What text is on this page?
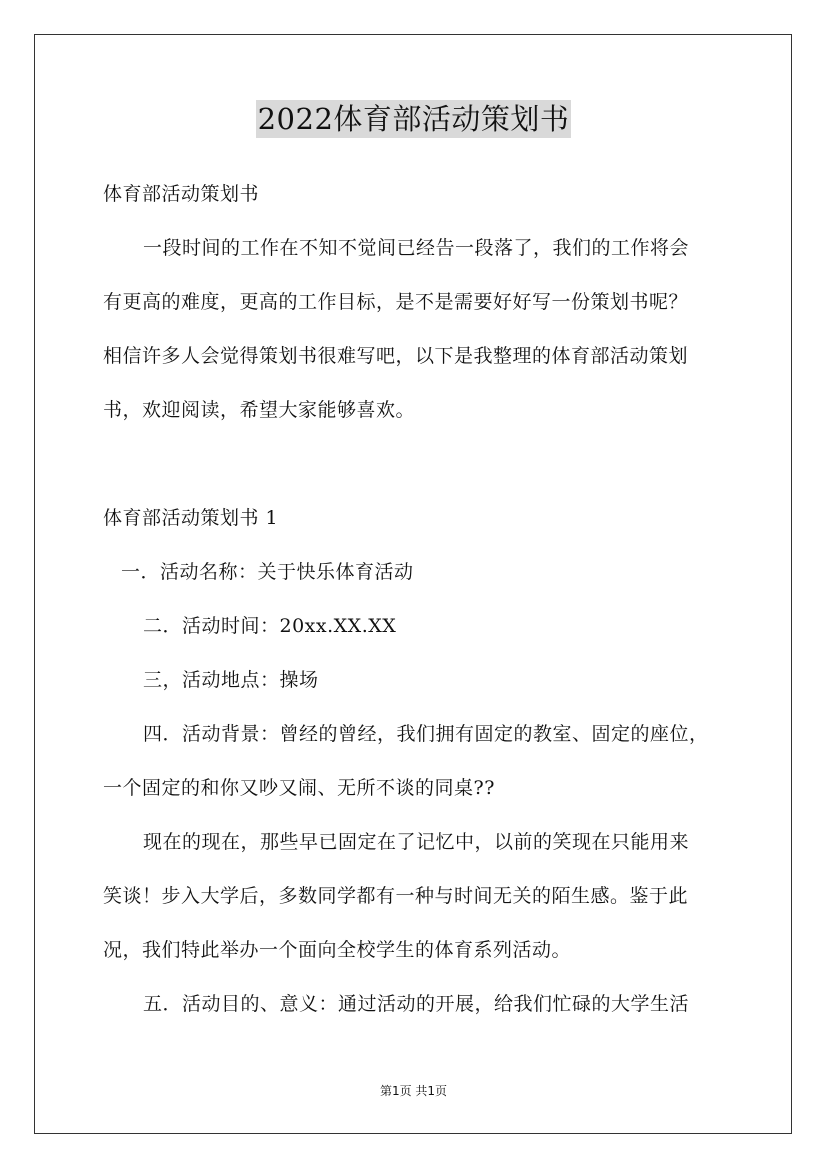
2022体育部活动策划书
体育部活动策划书
一段时间的工作在不知不觉间已经告一段落了，我们的工作将会
有更高的难度，更高的工作目标，是不是需要好好写一份策划书呢？
相信许多人会觉得策划书很难写吧，以下是我整理的体育部活动策划
书，欢迎阅读，希望大家能够喜欢。
体育部活动策划书 1
一．活动名称：关于快乐体育活动
二．活动时间：20xx.XX.XX
三，活动地点：操场
四．活动背景：曾经的曾经，我们拥有固定的教室、固定的座位，
一个固定的和你又吵又闹、无所不谈的同桌??
现在的现在，那些早已固定在了记忆中，以前的笑现在只能用来
笑谈！步入大学后，多数同学都有一种与时间无关的陌生感。鉴于此
况，我们特此举办一个面向全校学生的体育系列活动。
五．活动目的、意义：通过活动的开展，给我们忙碌的大学生活
第1页 共1页
